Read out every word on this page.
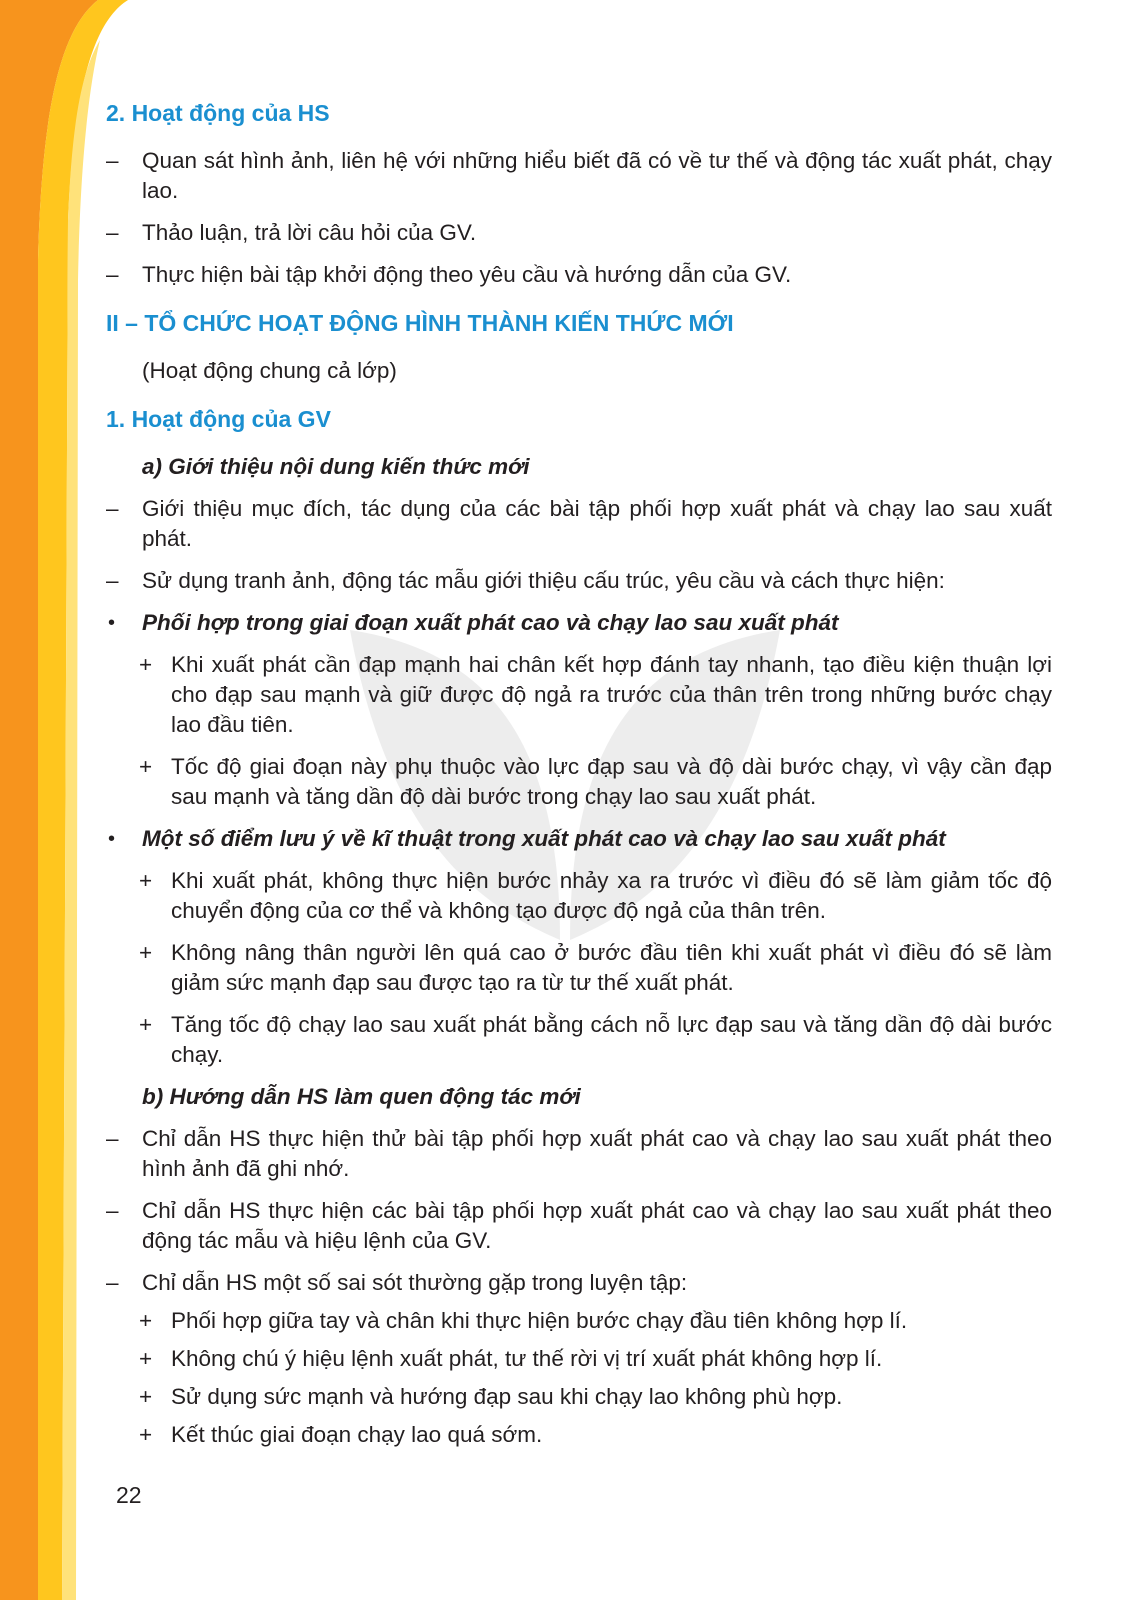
2. Hoạt động của HS
– Quan sát hình ảnh, liên hệ với những hiểu biết đã có về tư thế và động tác xuất phát, chạy lao.
– Thảo luận, trả lời câu hỏi của GV.
– Thực hiện bài tập khởi động theo yêu cầu và hướng dẫn của GV.
II – TỔ CHỨC HOẠT ĐỘNG HÌNH THÀNH KIẾN THỨC MỚI
(Hoạt động chung cả lớp)
1. Hoạt động của GV
a) Giới thiệu nội dung kiến thức mới
– Giới thiệu mục đích, tác dụng của các bài tập phối hợp xuất phát và chạy lao sau xuất phát.
– Sử dụng tranh ảnh, động tác mẫu giới thiệu cấu trúc, yêu cầu và cách thực hiện:
• Phối hợp trong giai đoạn xuất phát cao và chạy lao sau xuất phát
+ Khi xuất phát cần đạp mạnh hai chân kết hợp đánh tay nhanh, tạo điều kiện thuận lợi cho đạp sau mạnh và giữ được độ ngả ra trước của thân trên trong những bước chạy lao đầu tiên.
+ Tốc độ giai đoạn này phụ thuộc vào lực đạp sau và độ dài bước chạy, vì vậy cần đạp sau mạnh và tăng dần độ dài bước trong chạy lao sau xuất phát.
• Một số điểm lưu ý về kĩ thuật trong xuất phát cao và chạy lao sau xuất phát
+ Khi xuất phát, không thực hiện bước nhảy xa ra trước vì điều đó sẽ làm giảm tốc độ chuyển động của cơ thể và không tạo được độ ngả của thân trên.
+ Không nâng thân người lên quá cao ở bước đầu tiên khi xuất phát vì điều đó sẽ làm giảm sức mạnh đạp sau được tạo ra từ tư thế xuất phát.
+ Tăng tốc độ chạy lao sau xuất phát bằng cách nỗ lực đạp sau và tăng dần độ dài bước chạy.
b) Hướng dẫn HS làm quen động tác mới
– Chỉ dẫn HS thực hiện thử bài tập phối hợp xuất phát cao và chạy lao sau xuất phát theo hình ảnh đã ghi nhớ.
– Chỉ dẫn HS thực hiện các bài tập phối hợp xuất phát cao và chạy lao sau xuất phát theo động tác mẫu và hiệu lệnh của GV.
– Chỉ dẫn HS một số sai sót thường gặp trong luyện tập:
+ Phối hợp giữa tay và chân khi thực hiện bước chạy đầu tiên không hợp lí.
+ Không chú ý hiệu lệnh xuất phát, tư thế rời vị trí xuất phát không hợp lí.
+ Sử dụng sức mạnh và hướng đạp sau khi chạy lao không phù hợp.
+ Kết thúc giai đoạn chạy lao quá sớm.
22
